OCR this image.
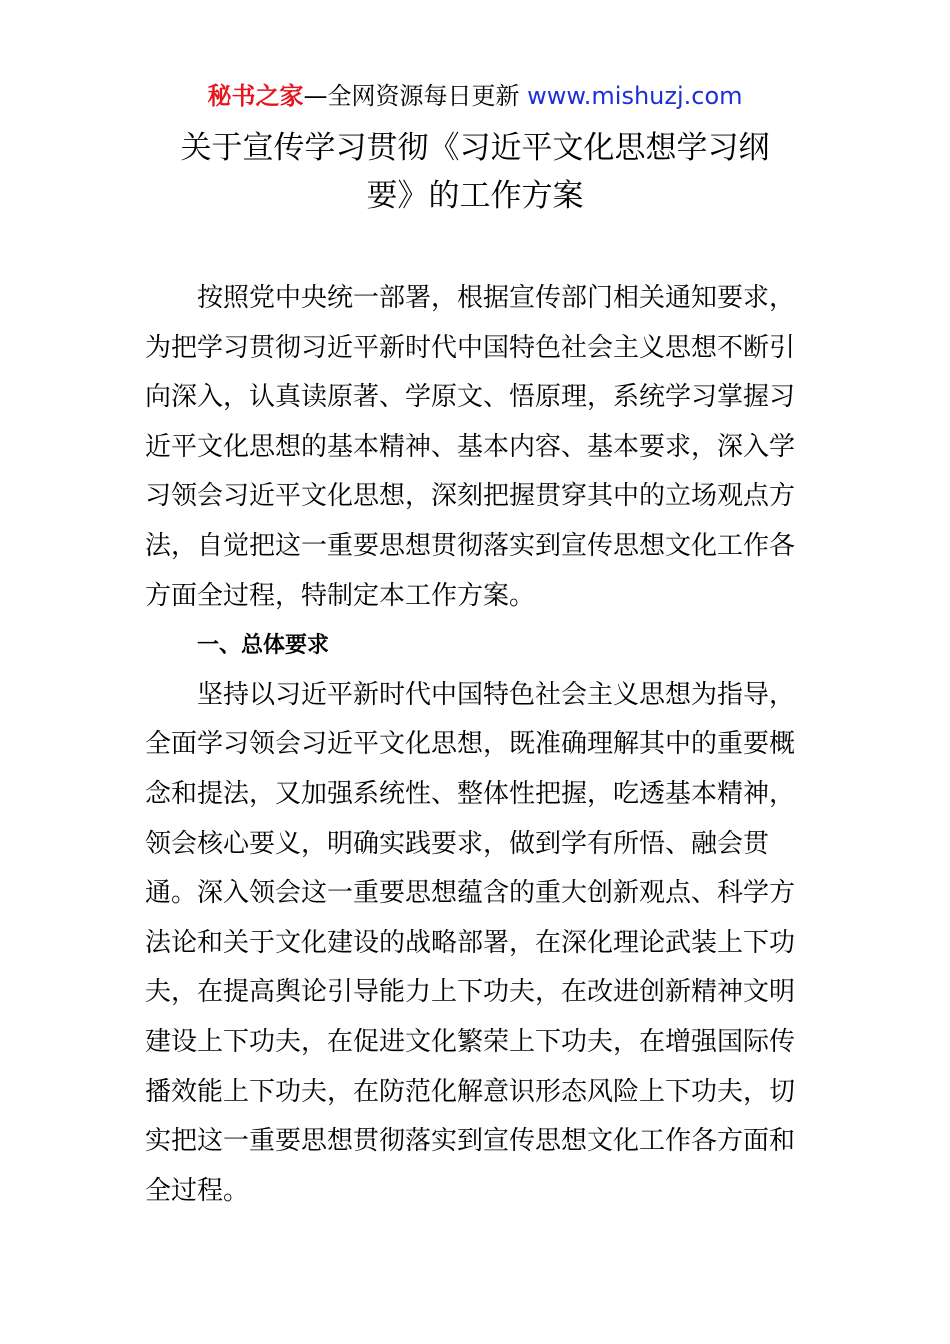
秘书之家—全网资源每日更新 www.mishuzj.com
关于宣传学习贯彻《习近平文化思想学习纲
要》的工作方案

按照党中央统一部署，根据宣传部门相关通知要求，
为把学习贯彻习近平新时代中国特色社会主义思想不断引
向深入，认真读原著、学原文、悟原理，系统学习掌握习
近平文化思想的基本精神、基本内容、基本要求，深入学
习领会习近平文化思想，深刻把握贯穿其中的立场观点方
法，自觉把这一重要思想贯彻落实到宣传思想文化工作各
方面全过程，特制定本工作方案。

一、总体要求

坚持以习近平新时代中国特色社会主义思想为指导，
全面学习领会习近平文化思想，既准确理解其中的重要概
念和提法，又加强系统性、整体性把握，吃透基本精神，
领会核心要义，明确实践要求，做到学有所悟、融会贯
通。深入领会这一重要思想蕴含的重大创新观点、科学方
法论和关于文化建设的战略部署，在深化理论武装上下功
夫，在提高舆论引导能力上下功夫，在改进创新精神文明
建设上下功夫，在促进文化繁荣上下功夫，在增强国际传
播效能上下功夫，在防范化解意识形态风险上下功夫，切
实把这一重要思想贯彻落实到宣传思想文化工作各方面和
全过程。
